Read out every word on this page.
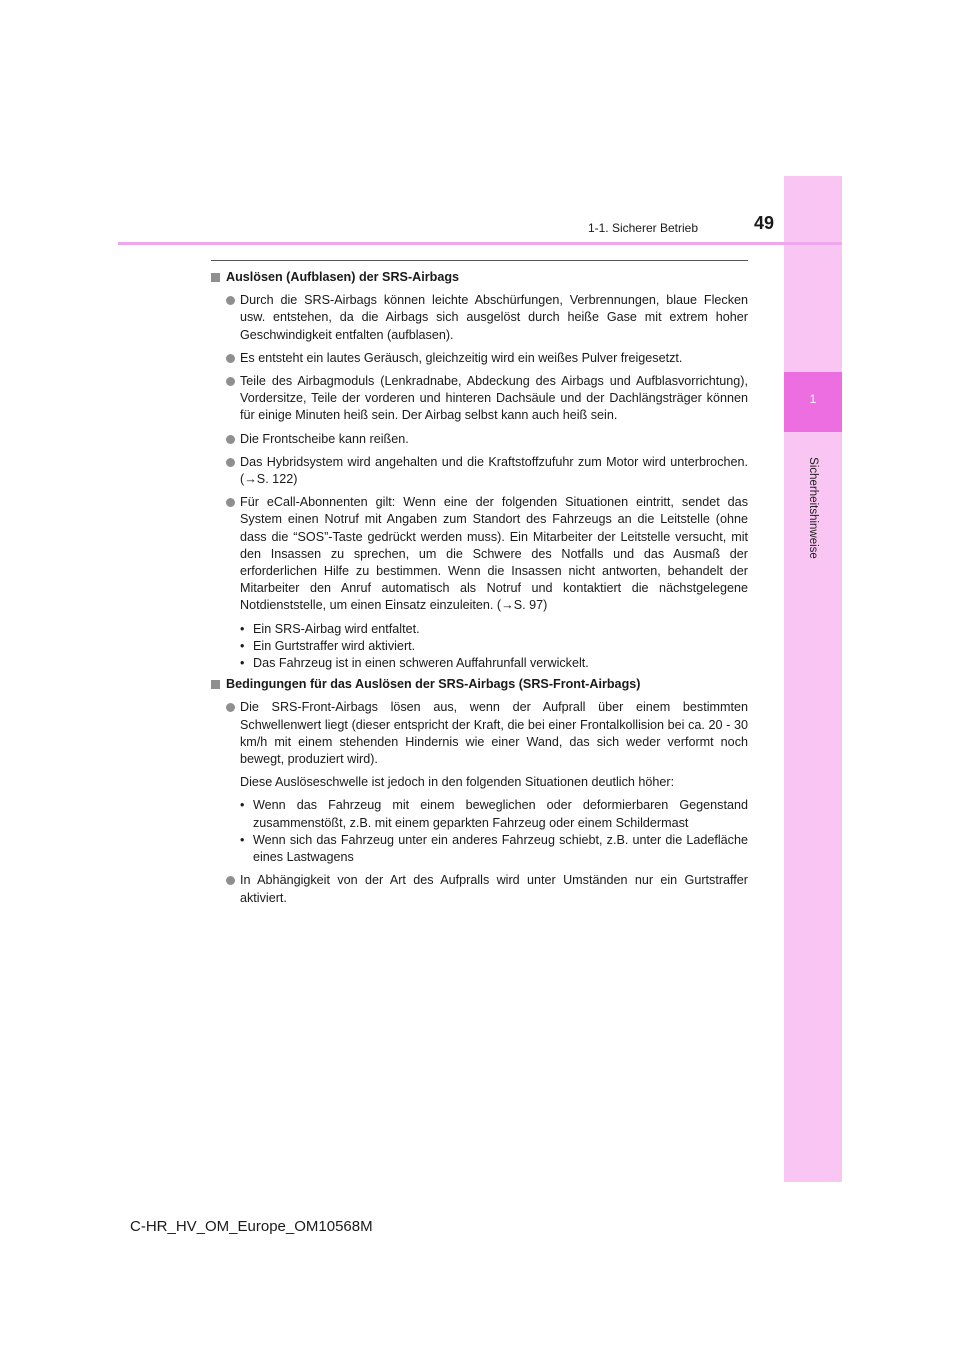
1
Sicherheitshinweise
1-1. Sicherer Betrieb	49
Auslösen (Aufblasen) der SRS-Airbags
Durch die SRS-Airbags können leichte Abschürfungen, Verbrennungen, blaue Flecken usw. entstehen, da die Airbags sich ausgelöst durch heiße Gase mit extrem hoher Geschwindigkeit entfalten (aufblasen).
Es entsteht ein lautes Geräusch, gleichzeitig wird ein weißes Pulver freigesetzt.
Teile des Airbagmoduls (Lenkradnabe, Abdeckung des Airbags und Aufblasvorrichtung), Vordersitze, Teile der vorderen und hinteren Dachsäule und der Dachlängsträger können für einige Minuten heiß sein. Der Airbag selbst kann auch heiß sein.
Die Frontscheibe kann reißen.
Das Hybridsystem wird angehalten und die Kraftstoffzufuhr zum Motor wird unterbrochen. (→S. 122)
Für eCall-Abonnenten gilt: Wenn eine der folgenden Situationen eintritt, sendet das System einen Notruf mit Angaben zum Standort des Fahrzeugs an die Leitstelle (ohne dass die “SOS”-Taste gedrückt werden muss). Ein Mitarbeiter der Leitstelle versucht, mit den Insassen zu sprechen, um die Schwere des Notfalls und das Ausmaß der erforderlichen Hilfe zu bestimmen. Wenn die Insassen nicht antworten, behandelt der Mitarbeiter den Anruf automatisch als Notruf und kontaktiert die nächstgelegene Notdienststelle, um einen Einsatz einzuleiten. (→S. 97)
• Ein SRS-Airbag wird entfaltet.
• Ein Gurtstraffer wird aktiviert.
• Das Fahrzeug ist in einen schweren Auffahrunfall verwickelt.
Bedingungen für das Auslösen der SRS-Airbags (SRS-Front-Airbags)
Die SRS-Front-Airbags lösen aus, wenn der Aufprall über einem bestimmten Schwellenwert liegt (dieser entspricht der Kraft, die bei einer Frontalkollision bei ca. 20 - 30 km/h mit einem stehenden Hindernis wie einer Wand, das sich weder verformt noch bewegt, produziert wird).
Diese Auslöseschwelle ist jedoch in den folgenden Situationen deutlich höher:
• Wenn das Fahrzeug mit einem beweglichen oder deformierbaren Gegenstand zusammenstößt, z.B. mit einem geparkten Fahrzeug oder einem Schildermast
• Wenn sich das Fahrzeug unter ein anderes Fahrzeug schiebt, z.B. unter die Ladefläche eines Lastwagens
In Abhängigkeit von der Art des Aufpralls wird unter Umständen nur ein Gurtstraffer aktiviert.
C-HR_HV_OM_Europe_OM10568M
